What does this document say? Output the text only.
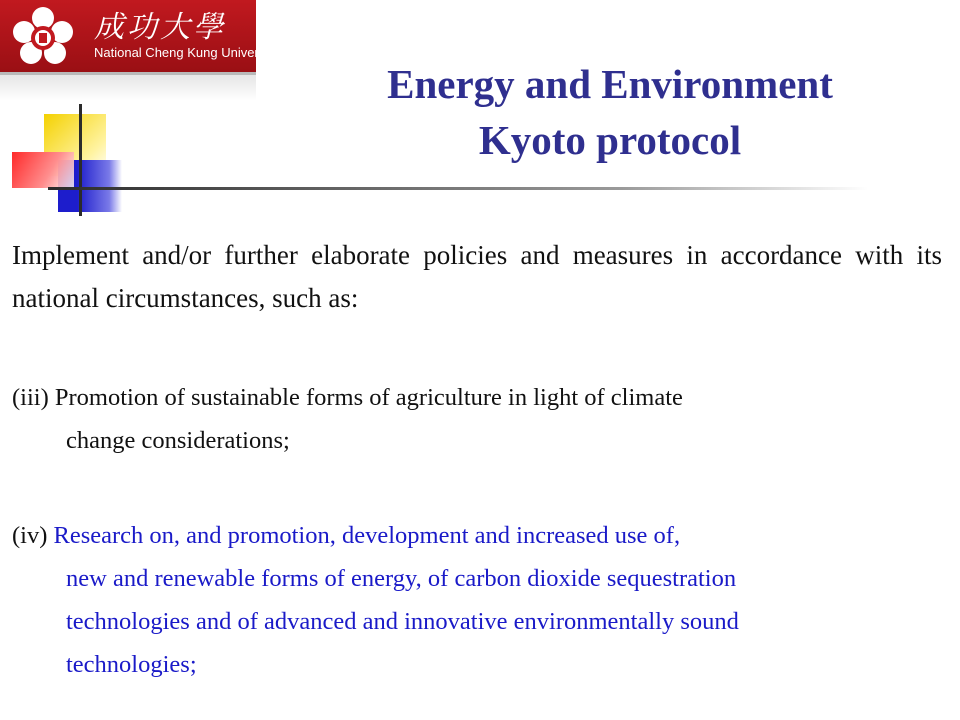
成功大學
National Cheng Kung University
Energy and Environment
Kyoto protocol
Implement and/or further elaborate policies and measures in accordance with its national circumstances, such as:
(iii) Promotion of sustainable forms of agriculture in light of climate
change considerations;
(iv) Research on, and promotion, development and increased use of,
new and renewable forms of energy, of carbon dioxide sequestration
technologies and of advanced and innovative environmentally sound
technologies;
